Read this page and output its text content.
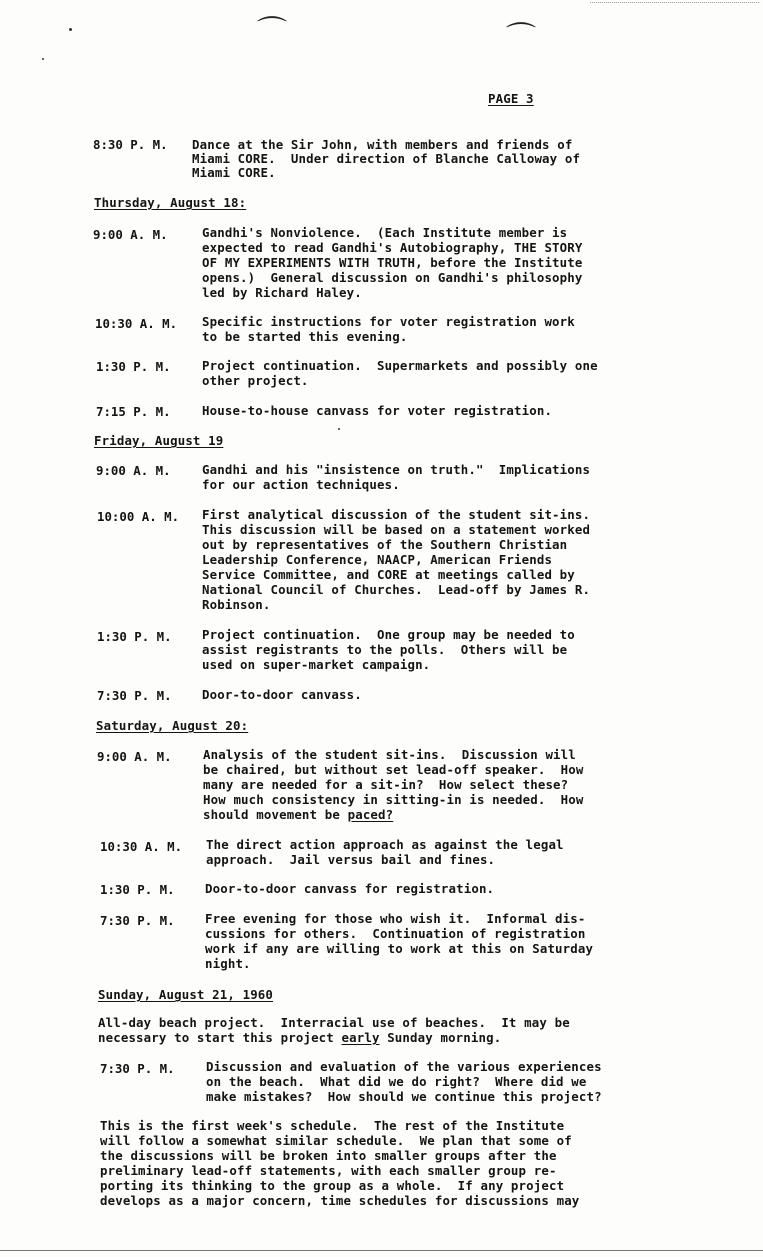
⌒	⌒
PAGE 3
8:30 P. M. Dance at the Sir John, with members and friends of
Miami CORE.  Under direction of Blanche Calloway of
Miami CORE.
Thursday, August 18:
9:00 A. M.	Gandhi's Nonviolence.  (Each Institute member is
expected to read Gandhi's Autobiography, THE STORY
OF MY EXPERIMENTS WITH TRUTH, before the Institute
opens.)  General discussion on Gandhi's philosophy
led by Richard Haley.
10:30 A. M. Specific instructions for voter registration work
to be started this evening.
1:30 P. M.	Project continuation.  Supermarkets and possibly one
other project.
7:15 P. M.	House-to-house canvass for voter registration.
Friday, August 19
9:00 A. M.	Gandhi and his "insistence on truth."  Implications
for our action techniques.
10:00 A. M. First analytical discussion of the student sit-ins.
This discussion will be based on a statement worked
out by representatives of the Southern Christian
Leadership Conference, NAACP, American Friends
Service Committee, and CORE at meetings called by
National Council of Churches.  Lead-off by James R.
Robinson.
1:30 P. M. Project continuation.  One group may be needed to
assist registrants to the polls.  Others will be
used on super-market campaign.
7:30 P. M. Door-to-door canvass.
Saturday, August 20:
9:00 A. M.	Analysis of the student sit-ins.  Discussion will
be chaired, but without set lead-off speaker.  How
many are needed for a sit-in?  How select these?
How much consistency in sitting-in is needed.  How
should movement be paced?
10:30 A. M. The direct action approach as against the legal
approach.  Jail versus bail and fines.
1:30 P. M. Door-to-door canvass for registration.
7:30 P. M. Free evening for those who wish it.  Informal dis-
cussions for others.  Continuation of registration
work if any are willing to work at this on Saturday
night.
Sunday, August 21, 1960
All-day beach project.  Interracial use of beaches.  It may be
necessary to start this project early Sunday morning.
7:30 P. M.	Discussion and evaluation of the various experiences
on the beach.  What did we do right?  Where did we
make mistakes?  How should we continue this project?
This is the first week's schedule.  The rest of the Institute
will follow a somewhat similar schedule.  We plan that some of
the discussions will be broken into smaller groups after the
preliminary lead-off statements, with each smaller group re-
porting its thinking to the group as a whole.  If any project
develops as a major concern, time schedules for discussions may
